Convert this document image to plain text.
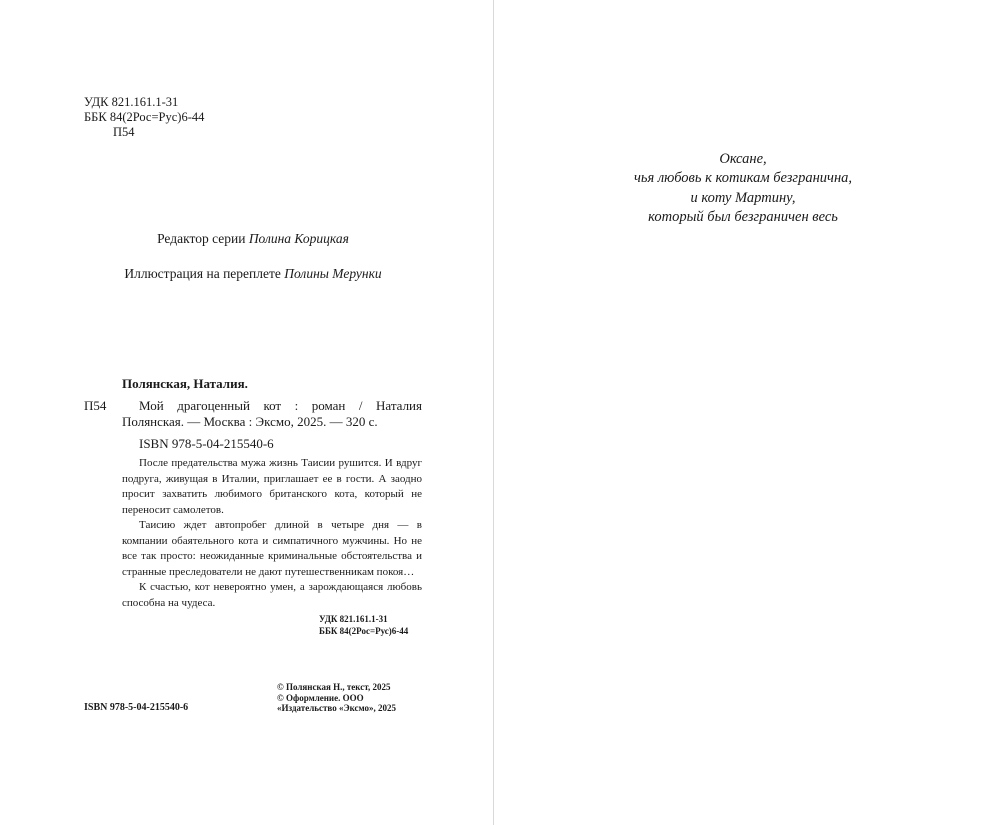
УДК 821.161.1-31
ББК 84(2Рос=Рус)6-44
П54
Редактор серии Полина Корицкая
Иллюстрация на переплете Полины Мерунки
Полянская, Наталия.
П54	Мой драгоценный кот : роман / Наталия Полянская. — Москва : Эксмо, 2025. — 320 с.
ISBN 978-5-04-215540-6

После предательства мужа жизнь Таисии рушится. И вдруг подруга, живущая в Италии, приглашает ее в гости. А заодно просит захватить любимого британского кота, который не переносит самолетов.

Таисию ждет автопробег длиной в четыре дня — в компании обаятельного кота и симпатичного мужчины. Но не все так просто: неожиданные криминальные обстоятельства и странные преследователи не дают путешественникам покоя…

К счастью, кот невероятно умен, а зарождающаяся любовь способна на чудеса.

УДК 821.161.1-31
ББК 84(2Рос=Рус)6-44
ISBN 978-5-04-215540-6
© Полянская Н., текст, 2025
© Оформление. ООО
«Издательство «Эксмо», 2025
Оксане,
чья любовь к котикам безгранична,
и коту Мартину,
который был безграничен весь
